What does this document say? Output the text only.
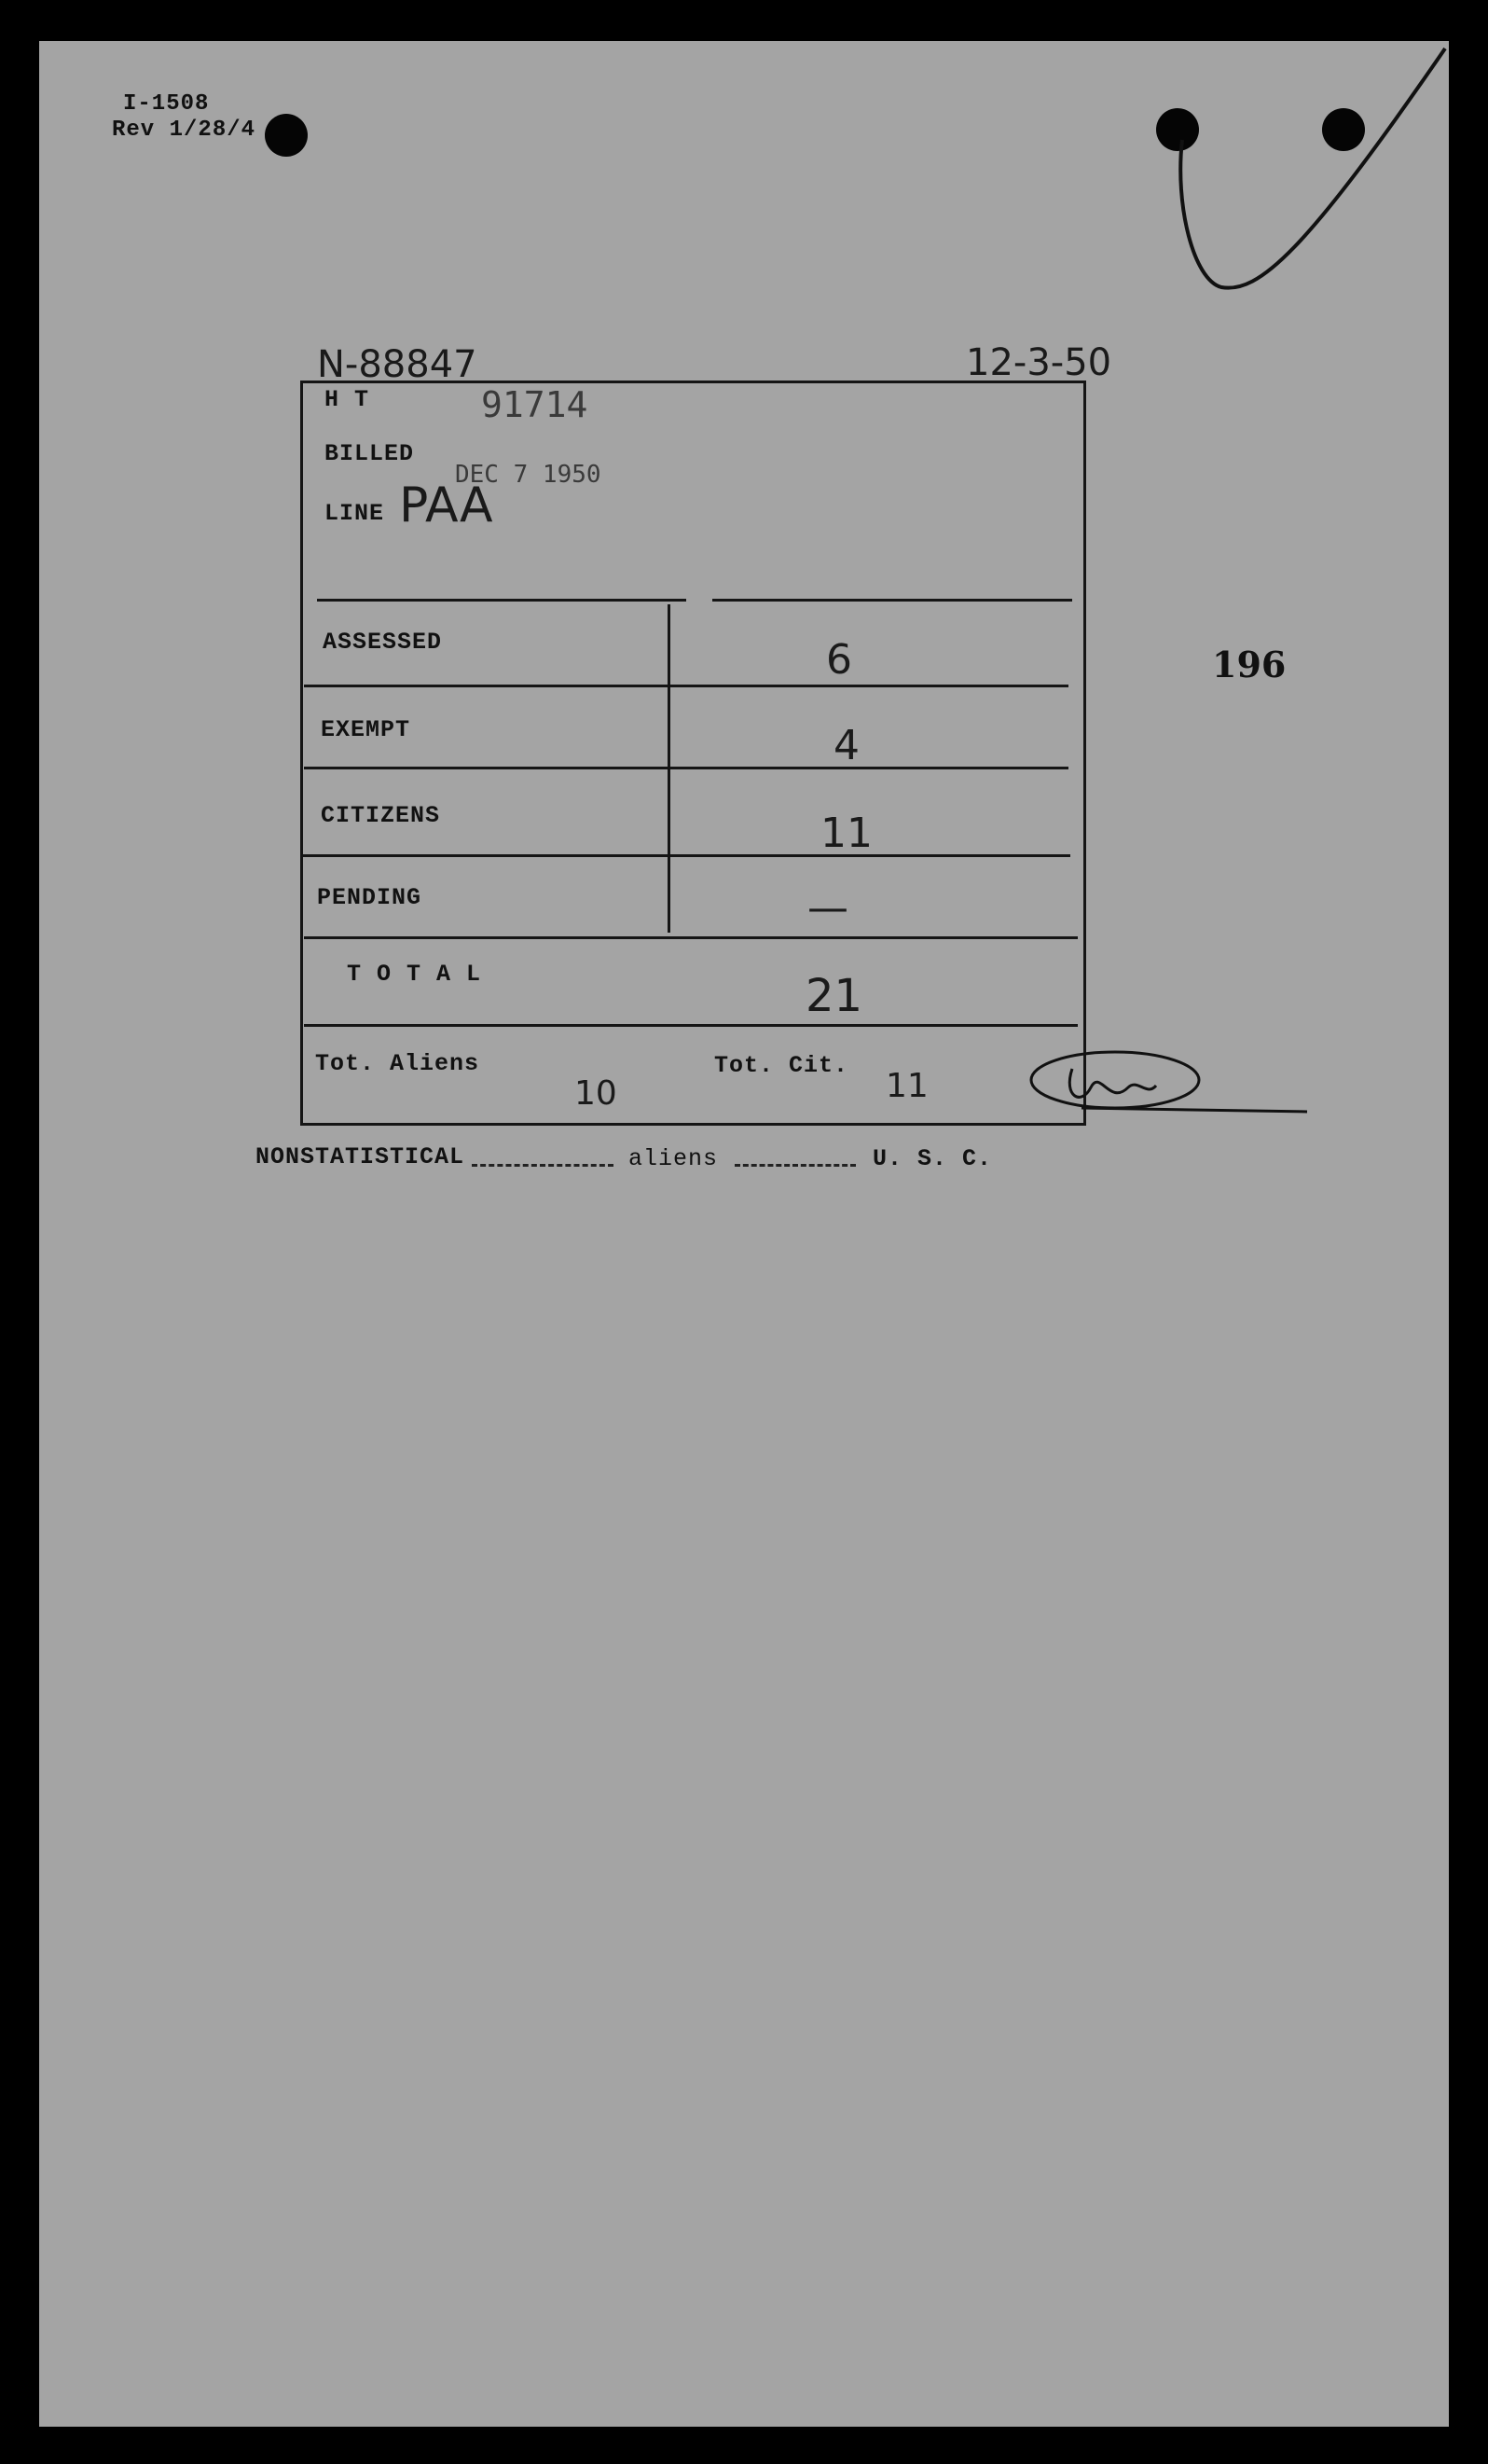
I-1508
Rev 1/28/4
N-88847	12-3-50
196
H T	91714
BILLED
DEC 7 1950
LINE PAA
ASSESSED	6
EXEMPT	4
CITIZENS	11
PENDING	—
T O T A L	21
Tot. Aliens
10
Tot. Cit.
11
NONSTATISTICAL	aliens	U. S. C.
